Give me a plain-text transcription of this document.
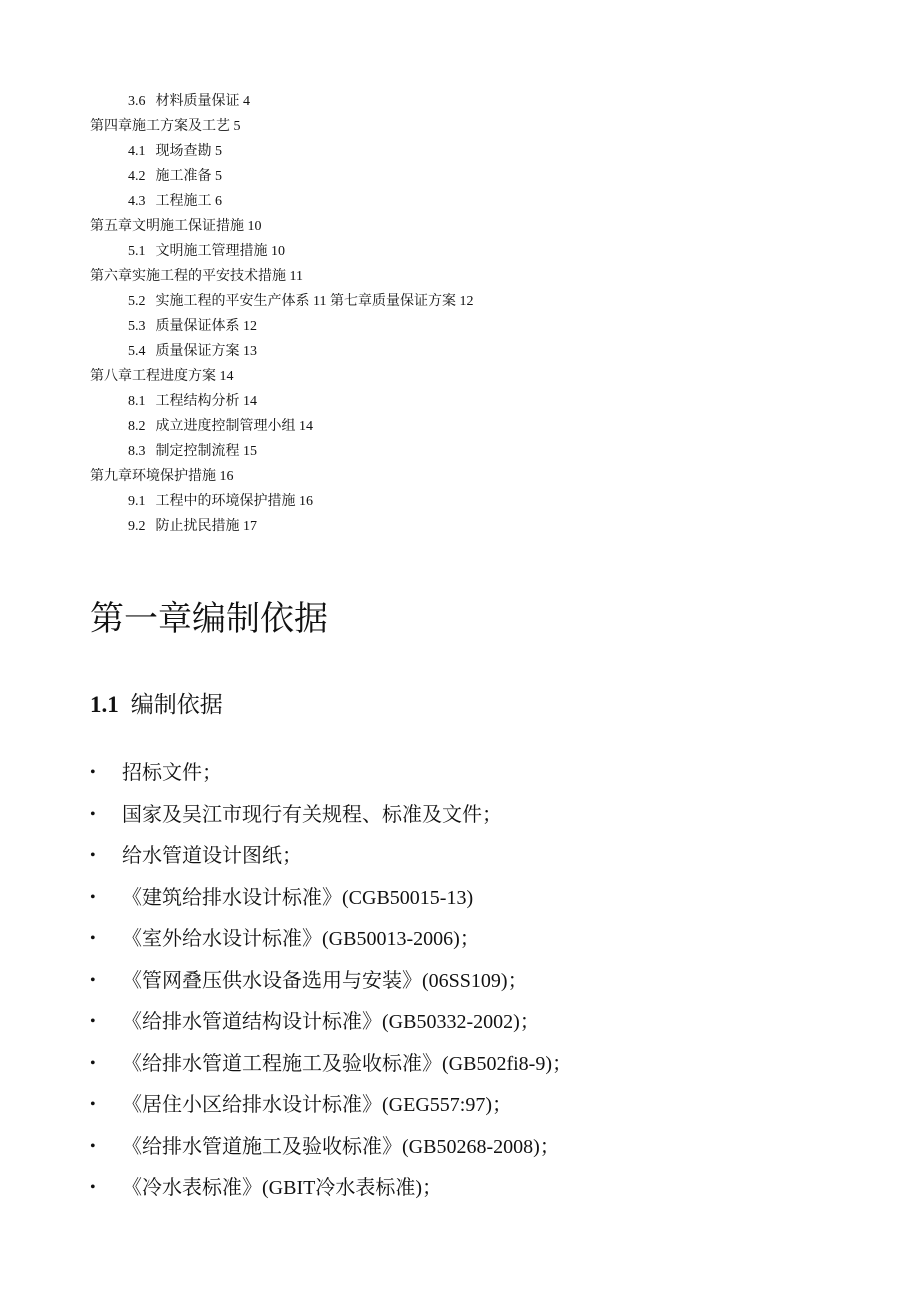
3.6 材料质量保证 4
第四章施工方案及工艺 5
4.1 现场查勘 5
4.2 施工准备 5
4.3 工程施工 6
第五章文明施工保证措施 10
5.1 文明施工管理措施 10
第六章实施工程的平安技术措施 11
5.2 实施工程的平安生产体系 11 第七章质量保证方案 12
5.3 质量保证体系 12
5.4 质量保证方案 13
第八章工程进度方案 14
8.1 工程结构分析 14
8.2 成立进度控制管理小组 14
8.3 制定控制流程 15
第九章环境保护措施 16
9.1 工程中的环境保护措施 16
9.2 防止扰民措施 17
第一章编制依据
1.1 编制依据
•	招标文件；
•	国家及吴江市现行有关规程、标准及文件；
•	给水管道设计图纸；
•	《建筑给排水设计标准》(CGB50015-13)
•	《室外给水设计标准》(GB50013-2006)；
•	《管网叠压供水设备选用与安装》(06SS109)；
•	《给排水管道结构设计标准》(GB50332-2002)；
•	《给排水管道工程施工及验收标准》(GB502fi8-9)；
•	《居住小区给排水设计标准》(GEG557:97)；
•	《给排水管道施工及验收标准》(GB50268-2008)；
•	《冷水表标准》(GBIT冷水表标准)；
